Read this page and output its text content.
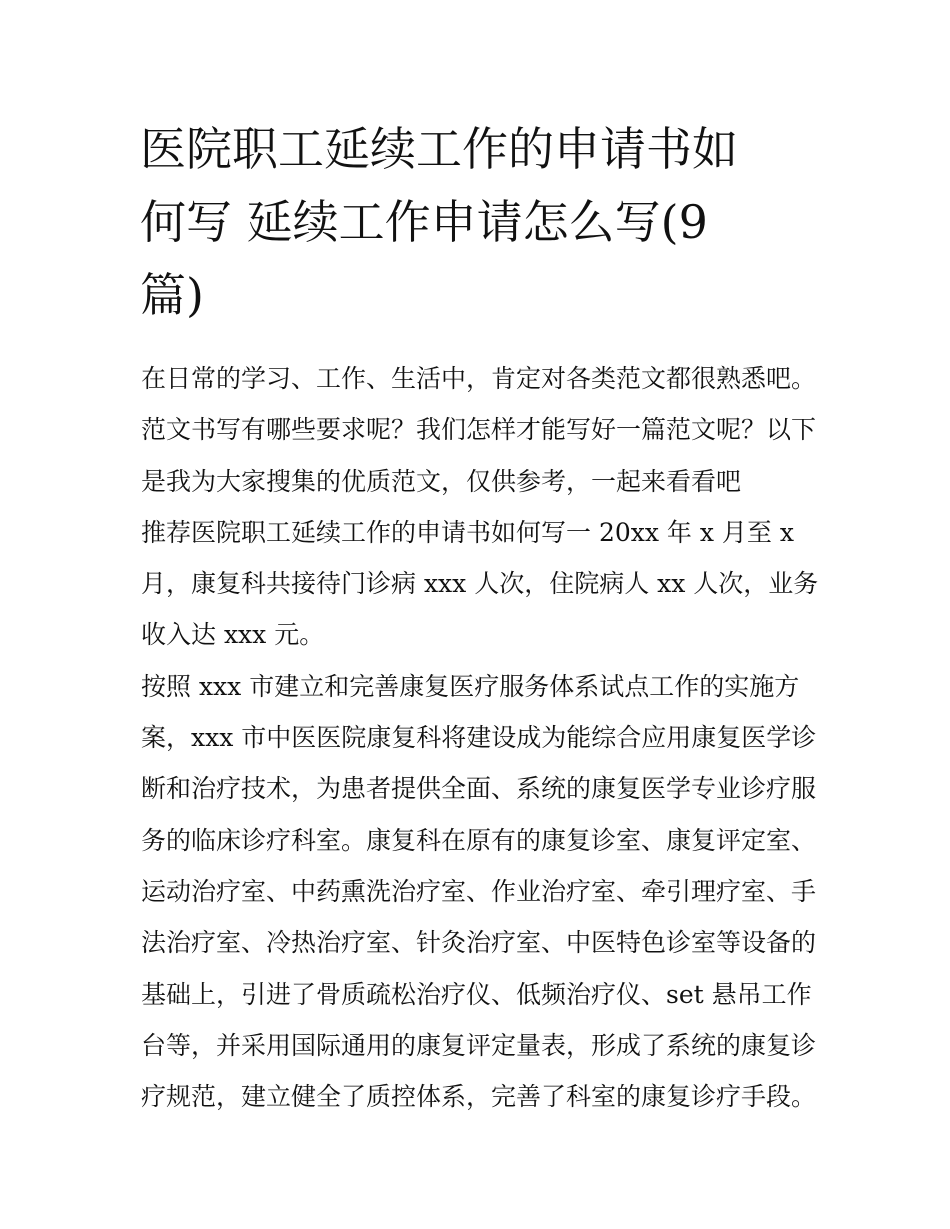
医院职工延续工作的申请书如
何写 延续工作申请怎么写(9
篇)
在日常的学习、工作、生活中，肯定对各类范文都很熟悉吧。
范文书写有哪些要求呢？我们怎样才能写好一篇范文呢？以下
是我为大家搜集的优质范文，仅供参考，一起来看看吧
推荐医院职工延续工作的申请书如何写一 20xx 年 x 月至 x
月，康复科共接待门诊病 xxx 人次，住院病人 xx 人次，业务
收入达 xxx 元。
按照 xxx 市建立和完善康复医疗服务体系试点工作的实施方
案，xxx 市中医医院康复科将建设成为能综合应用康复医学诊
断和治疗技术，为患者提供全面、系统的康复医学专业诊疗服
务的临床诊疗科室。康复科在原有的康复诊室、康复评定室、
运动治疗室、中药熏洗治疗室、作业治疗室、牵引理疗室、手
法治疗室、冷热治疗室、针灸治疗室、中医特色诊室等设备的
基础上，引进了骨质疏松治疗仪、低频治疗仪、set 悬吊工作
台等，并采用国际通用的康复评定量表，形成了系统的康复诊
疗规范，建立健全了质控体系，完善了科室的康复诊疗手段。
